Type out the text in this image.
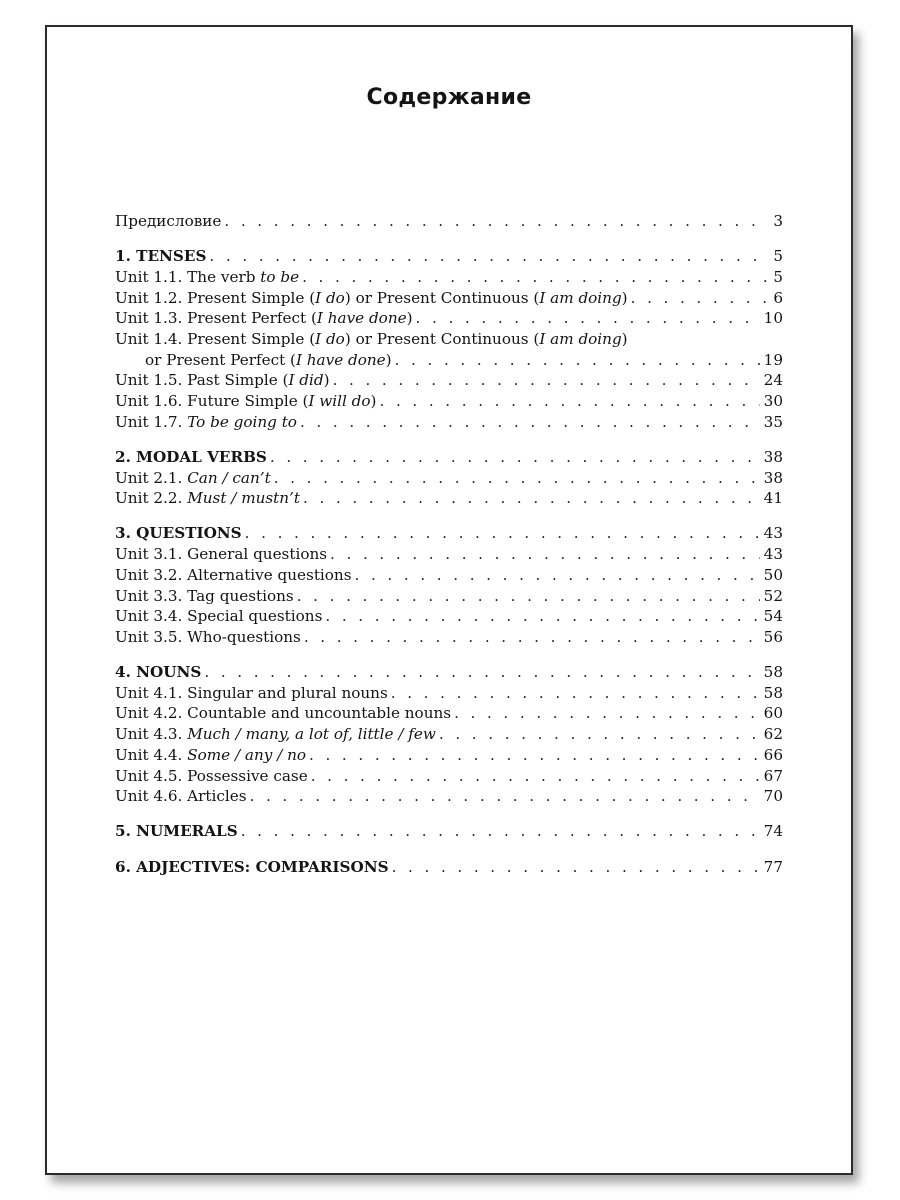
Содержание
Предисловие . . .	3
1. TENSES . . .	5
Unit 1.1. The verb to be . . .	5
Unit 1.2. Present Simple (I do) or Present Continuous (I am doing) . . .	6
Unit 1.3. Present Perfect (I have done) . . .	10
Unit 1.4. Present Simple (I do) or Present Continuous (I am doing)
or Present Perfect (I have done) . . .	19
Unit 1.5. Past Simple (I did) . . .	24
Unit 1.6. Future Simple (I will do) . . .	30
Unit 1.7. To be going to . . .	35
2. MODAL VERBS . . .	38
Unit 2.1. Can / can’t . . .	38
Unit 2.2. Must / mustn’t . . .	41
3. QUESTIONS . . .	43
Unit 3.1. General questions . . .	43
Unit 3.2. Alternative questions . . .	50
Unit 3.3. Tag questions . . .	52
Unit 3.4. Special questions . . .	54
Unit 3.5. Who-questions . . .	56
4. NOUNS . . .	58
Unit 4.1. Singular and plural nouns . . .	58
Unit 4.2. Countable and uncountable nouns . . .	60
Unit 4.3. Much / many, a lot of, little / few . . .	62
Unit 4.4. Some / any / no . . .	66
Unit 4.5. Possessive case . . .	67
Unit 4.6. Articles . . .	70
5. NUMERALS . . .	74
6. ADJECTIVES: COMPARISONS . . .	77
